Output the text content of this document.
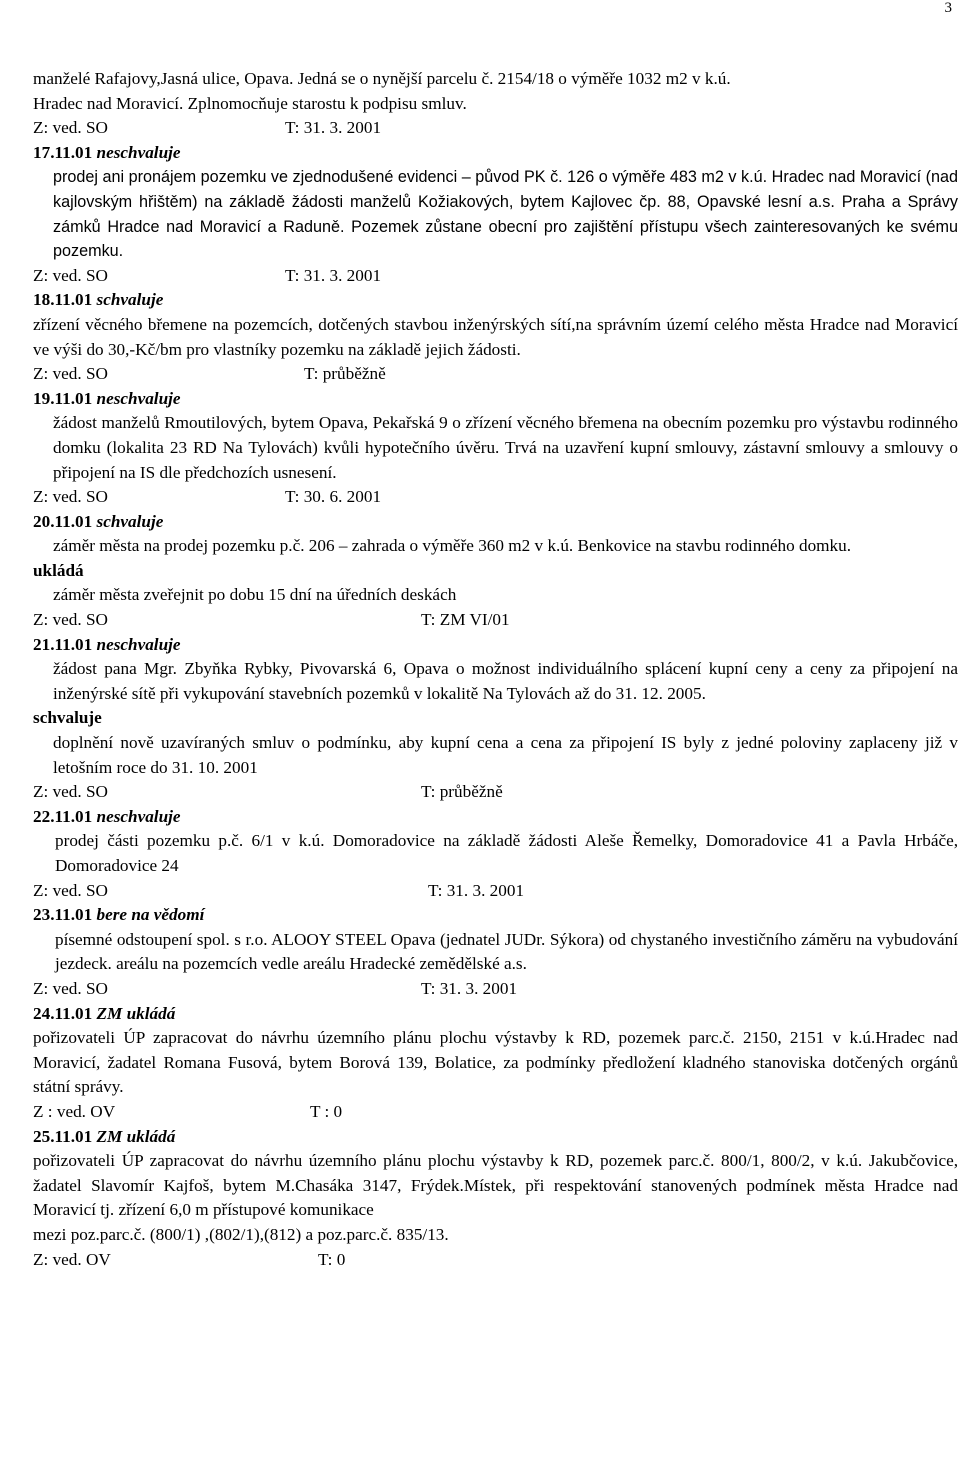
3

manželé Rafajovy,Jasná ulice, Opava. Jedná se o nynější parcelu č. 2154/18 o výměře 1032 m2 v k.ú.

Hradec nad Moravicí. Zplnomocňuje starostu k podpisu smluv.

Z: ved. SO	T: 31. 3. 2001

17.11.01 neschvaluje

prodej ani pronájem pozemku ve zjednodušené evidenci – původ PK č. 126 o výměře 483 m2 v k.ú. Hradec nad Moravicí (nad kajlovským hřištěm) na základě žádosti manželů Kožiakových, bytem Kajlovec čp. 88, Opavské lesní a.s. Praha a Správy zámků Hradce nad Moravicí a Raduně. Pozemek zůstane obecní pro zajištění přístupu všech zainteresovaných ke svému pozemku.

Z: ved. SO	T: 31. 3. 2001

18.11.01 schvaluje

zřízení věcného břemene na pozemcích, dotčených stavbou inženýrských sítí,na správním území celého města Hradce nad Moravicí ve výši do 30,-Kč/bm pro vlastníky pozemku na základě jejich žádosti.

Z: ved. SO	T: průběžně

19.11.01 neschvaluje

žádost manželů Rmoutilových, bytem Opava, Pekařská 9 o zřízení věcného břemena na obecním pozemku pro výstavbu rodinného domku (lokalita 23 RD Na Tylovách) kvůli hypotečního úvěru. Trvá na uzavření kupní smlouvy, zástavní smlouvy a smlouvy o připojení na IS dle předchozích usnesení.

Z: ved. SO	T: 30. 6. 2001

20.11.01 schvaluje

záměr města na prodej pozemku p.č. 206 – zahrada o výměře 360 m2 v k.ú. Benkovice na stavbu rodinného domku.

ukládá

záměr města zveřejnit po dobu 15 dní na úředních deskách

Z: ved. SO	T: ZM VI/01

21.11.01 neschvaluje

žádost pana Mgr. Zbyňka Rybky, Pivovarská 6, Opava o možnost individuálního splácení kupní ceny a ceny za připojení na inženýrské sítě při vykupování stavebních pozemků v lokalitě Na Tylovách až do 31. 12. 2005.

schvaluje

doplnění nově uzavíraných smluv o podmínku, aby kupní cena a cena za připojení IS byly z jedné poloviny zaplaceny již v letošním roce do 31. 10. 2001

Z: ved. SO	T: průběžně

22.11.01 neschvaluje

prodej části pozemku p.č. 6/1 v k.ú. Domoradovice na základě žádosti Aleše Řemelky, Domoradovice 41 a Pavla Hrbáče, Domoradovice 24

Z: ved. SO	T: 31. 3. 2001

23.11.01 bere na vědomí

písemné odstoupení spol. s r.o. ALOOY STEEL Opava (jednatel JUDr. Sýkora) od chystaného investičního záměru na vybudování jezdeck. areálu na pozemcích vedle areálu Hradecké zemědělské a.s.

Z: ved. SO	T: 31. 3. 2001

24.11.01 ZM ukládá

pořizovateli ÚP zapracovat do návrhu územního plánu plochu výstavby k RD, pozemek parc.č. 2150, 2151 v k.ú.Hradec nad Moravicí, žadatel Romana Fusová, bytem Borová 139, Bolatice, za podmínky předložení kladného stanoviska dotčených orgánů státní správy.

Z : ved. OV	T : 0

25.11.01 ZM ukládá

pořizovateli ÚP zapracovat do návrhu územního plánu plochu výstavby k RD, pozemek parc.č. 800/1, 800/2, v k.ú. Jakubčovice, žadatel Slavomír Kajfoš, bytem M.Chasáka 3147, Frýdek.Místek, při respektování stanovených podmínek města Hradce nad Moravicí tj. zřízení 6,0 m přístupové komunikace

mezi poz.parc.č. (800/1) ,(802/1),(812) a poz.parc.č. 835/13.

Z: ved. OV	T: 0
